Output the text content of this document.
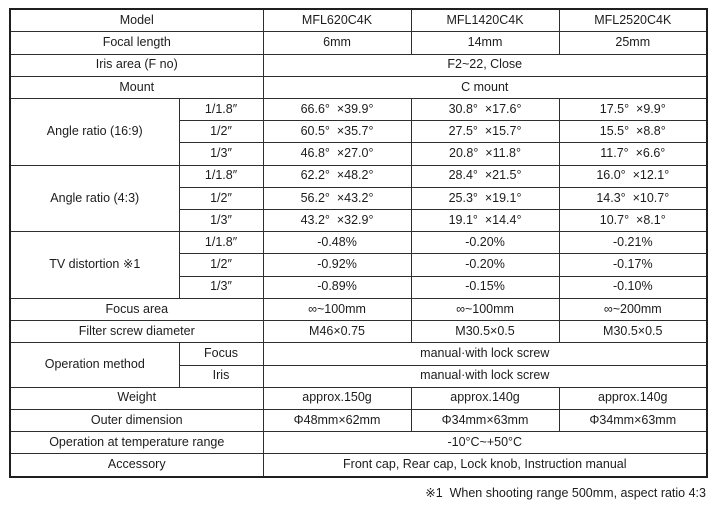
Model		MFL620C4K	MFL1420C4K	MFL2520C4K
Focal length		6mm	14mm	25mm
Iris area (F no)		F2~22, Close		
Mount		C mount		
Angle ratio (16:9)	1/1.8″	66.6°  ×39.9°	30.8°  ×17.6°	17.5°  ×9.9°
	1/2″	60.5°  ×35.7°	27.5°  ×15.7°	15.5°  ×8.8°
	1/3″	46.8°  ×27.0°	20.8°  ×11.8°	11.7°  ×6.6°
Angle ratio (4:3)	1/1.8″	62.2°  ×48.2°	28.4°  ×21.5°	16.0°  ×12.1°
	1/2″	56.2°  ×43.2°	25.3°  ×19.1°	14.3°  ×10.7°
	1/3″	43.2°  ×32.9°	19.1°  ×14.4°	10.7°  ×8.1°
TV distortion ※1	1/1.8″	-0.48%	-0.20%	-0.21%
	1/2″	-0.92%	-0.20%	-0.17%
	1/3″	-0.89%	-0.15%	-0.10%
Focus area		∞~100mm	∞~100mm	∞~200mm
Filter screw diameter		M46×0.75	M30.5×0.5	M30.5×0.5
Operation method	Focus	manual·with lock screw		
	Iris	manual·with lock screw		
Weight		approx.150g	approx.140g	approx.140g
Outer dimension		Φ48mm×62mm	Φ34mm×63mm	Φ34mm×63mm
Operation at temperature range		-10°C~+50°C		
Accessory		Front cap, Rear cap, Lock knob, Instruction manual		
※1  When shooting range 500mm, aspect ratio 4:3
